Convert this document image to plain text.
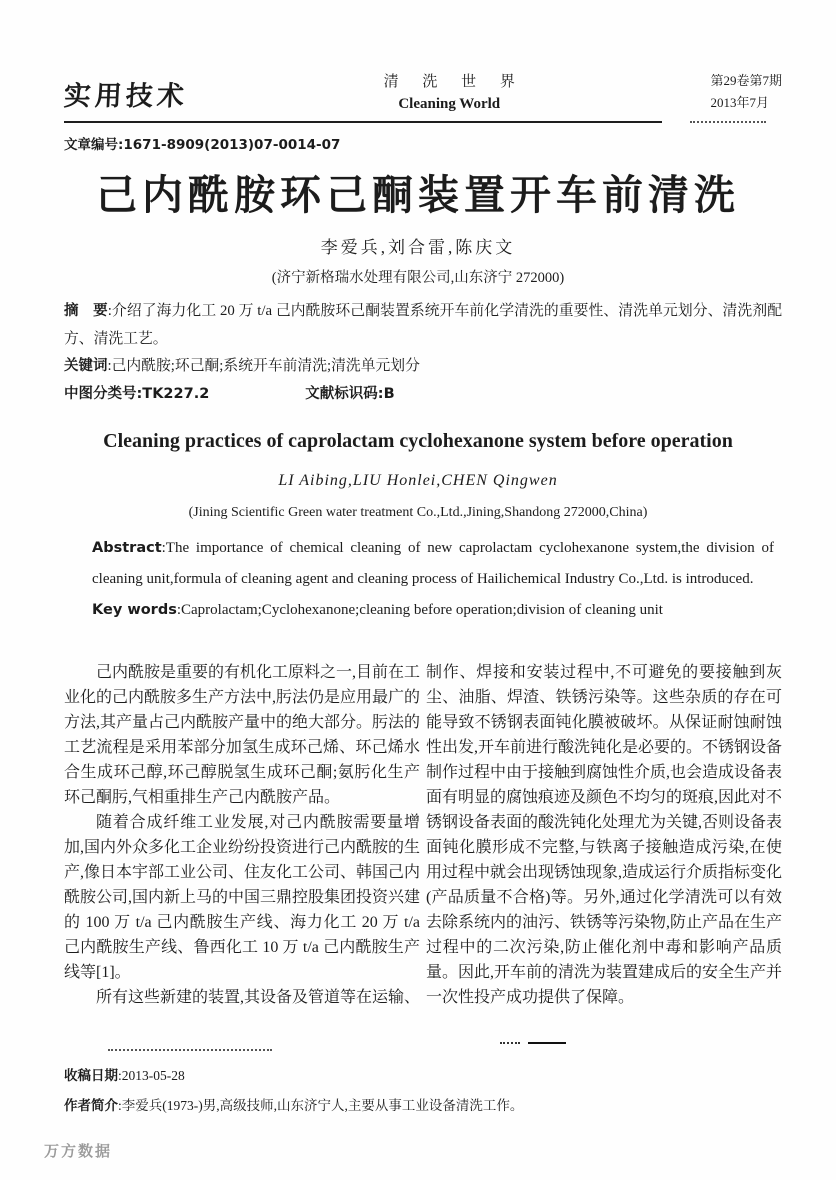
实用技术	清 洗 世 界
Cleaning World
第29卷第7期
2013年7月
文章编号:1671-8909(2013)07-0014-07
己内酰胺环己酮装置开车前清洗
李爱兵,刘合雷,陈庆文
(济宁新格瑞水处理有限公司,山东济宁 272000)

摘　要:介绍了海力化工 20 万 t/a 己内酰胺环己酮装置系统开车前化学清洗的重要性、清洗单元划分、清洗剂配方、清洗工艺。

关键词:己内酰胺;环己酮;系统开车前清洗;清洗单元划分

中图分类号:TK227.2	文献标识码:B

Cleaning practices of caprolactam cyclohexanone system before operation
LI Aibing,LIU Honlei,CHEN Qingwen
(Jining Scientific Green water treatment Co.,Ltd.,Jining,Shandong 272000,China)

Abstract:The importance of chemical cleaning of new caprolactam cyclohexanone system,the division of cleaning unit,formula of cleaning agent and cleaning process of Hailichemical Industry Co.,Ltd. is introduced.

Key words:Caprolactam;Cyclohexanone;cleaning before operation;division of cleaning unit

己内酰胺是重要的有机化工原料之一,目前在工业化的己内酰胺多生产方法中,肟法仍是应用最广的方法,其产量占己内酰胺产量中的绝大部分。肟法的工艺流程是采用苯部分加氢生成环己烯、环己烯水合生成环己醇,环己醇脱氢生成环己酮;氨肟化生产环己酮肟,气相重排生产己内酰胺产品。

随着合成纤维工业发展,对己内酰胺需要量增加,国内外众多化工企业纷纷投资进行己内酰胺的生产,像日本宇部工业公司、住友化工公司、韩国己内酰胺公司,国内新上马的中国三鼎控股集团投资兴建的 100 万 t/a 己内酰胺生产线、海力化工 20 万 t/a 己内酰胺生产线、鲁西化工 10 万 t/a 己内酰胺生产线等[1]。

所有这些新建的装置,其设备及管道等在运输、

制作、焊接和安装过程中,不可避免的要接触到灰尘、油脂、焊渣、铁锈污染等。这些杂质的存在可能导致不锈钢表面钝化膜被破坏。从保证耐蚀耐蚀性出发,开车前进行酸洗钝化是必要的。不锈钢设备制作过程中由于接触到腐蚀性介质,也会造成设备表面有明显的腐蚀痕迹及颜色不均匀的斑痕,因此对不锈钢设备表面的酸洗钝化处理尤为关键,否则设备表面钝化膜形成不完整,与铁离子接触造成污染,在使用过程中就会出现锈蚀现象,造成运行介质指标变化(产品质量不合格)等。另外,通过化学清洗可以有效去除系统内的油污、铁锈等污染物,防止产品在生产过程中的二次污染,防止催化剂中毒和影响产品质量。因此,开车前的清洗为装置建成后的安全生产并一次性投产成功提供了保障。

收稿日期:2013-05-28
作者简介:李爱兵(1973-)男,高级技师,山东济宁人,主要从事工业设备清洗工作。
万方数据
